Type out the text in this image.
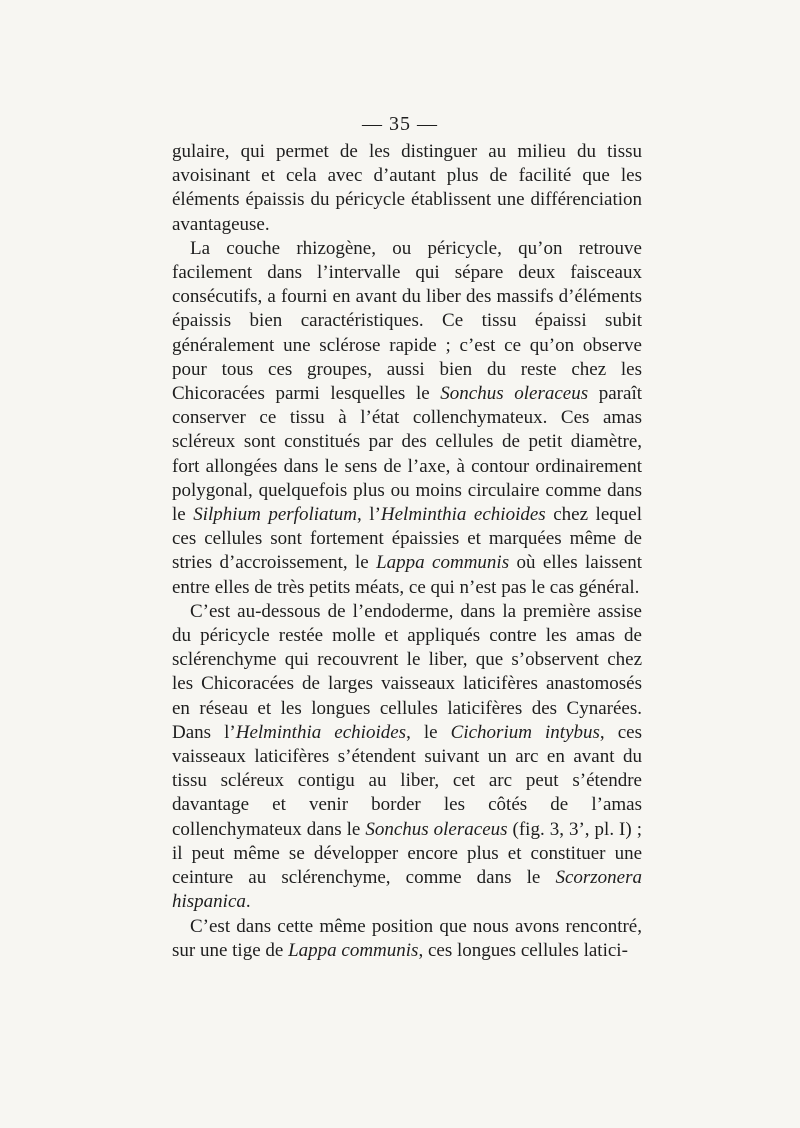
— 35 —

gulaire, qui permet de les distinguer au milieu du tissu avoisinant et cela avec d’autant plus de facilité que les éléments épaissis du péricycle établissent une différenciation avantageuse.

La couche rhizogène, ou péricycle, qu’on retrouve facilement dans l’intervalle qui sépare deux faisceaux consécutifs, a fourni en avant du liber des massifs d’éléments épaissis bien caractéristiques. Ce tissu épaissi subit généralement une sclérose rapide ; c’est ce qu’on observe pour tous ces groupes, aussi bien du reste chez les Chicoracées parmi lesquelles le Sonchus oleraceus paraît conserver ce tissu à l’état collenchymateux. Ces amas scléreux sont constitués par des cellules de petit diamètre, fort allongées dans le sens de l’axe, à contour ordinairement polygonal, quelquefois plus ou moins circulaire comme dans le Silphium perfoliatum, l’Helminthia echioides chez lequel ces cellules sont fortement épaissies et marquées même de stries d’accroissement, le Lappa communis où elles laissent entre elles de très petits méats, ce qui n’est pas le cas général.

C’est au-dessous de l’endoderme, dans la première assise du péricycle restée molle et appliqués contre les amas de sclérenchyme qui recouvrent le liber, que s’observent chez les Chicoracées de larges vaisseaux laticifères anastomosés en réseau et les longues cellules laticifères des Cynarées. Dans l’Helminthia echioides, le Cichorium intybus, ces vaisseaux laticifères s’étendent suivant un arc en avant du tissu scléreux contigu au liber, cet arc peut s’étendre davantage et venir border les côtés de l’amas collenchymateux dans le Sonchus oleraceus (fig. 3, 3’, pl. I) ; il peut même se développer encore plus et constituer une ceinture au sclérenchyme, comme dans le Scorzonera hispanica.

C’est dans cette même position que nous avons rencontré, sur une tige de Lappa communis, ces longues cellules latici-
